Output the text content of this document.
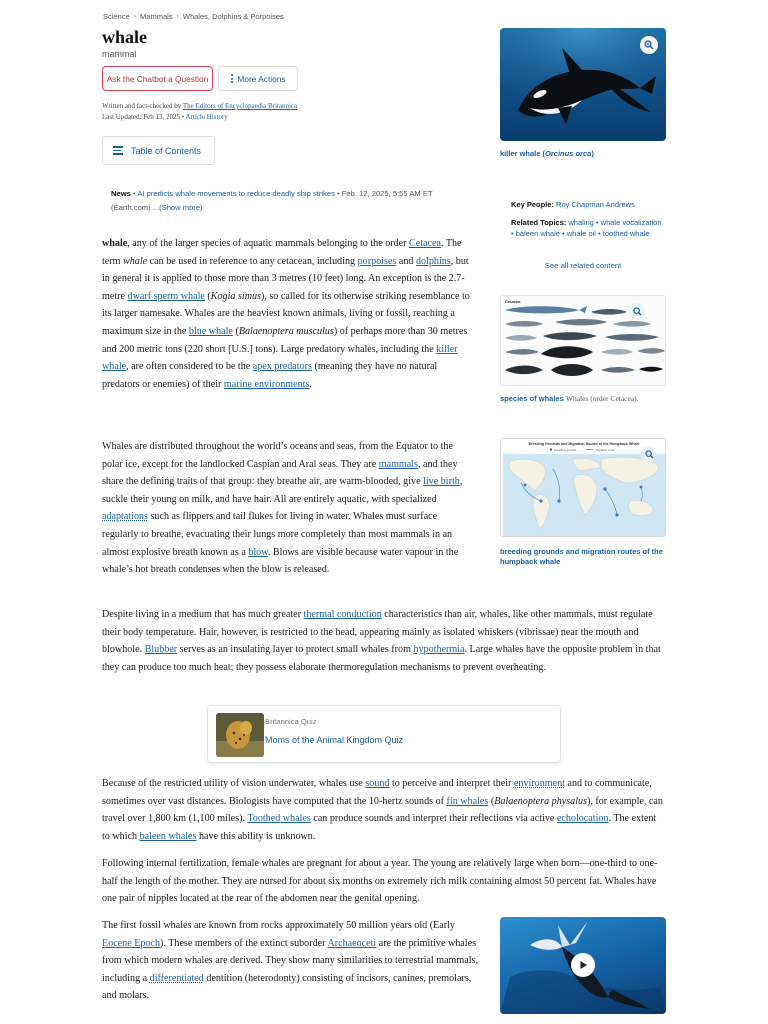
Science › Mammals › Whales, Dolphins & Porpoises
whale
mammal
Ask the Chatbot a Question	More Actions
Written and fact-checked by The Editors of Encyclopaedia Britannica
Last Updated: Feb 13, 2025 • Article History
Table of Contents
News • AI predicts whale movements to reduce deadly ship strikes • Feb. 12, 2025, 5:55 AM ET
(Earth.com) ...(Show more)

whale, any of the larger species of aquatic mammals belonging to the order Cetacea. The term whale can be used in reference to any cetacean, including porpoises and dolphins, but in general it is applied to those more than 3 metres (10 feet) long. An exception is the 2.7-metre dwarf sperm whale (Kogia simus), so called for its otherwise striking resemblance to its larger namesake. Whales are the heaviest known animals, living or fossil, reaching a maximum size in the blue whale (Balaenoptera musculus) of perhaps more than 30 metres and 200 metric tons (220 short [U.S.] tons). Large predatory whales, including the killer whale, are often considered to be the apex predators (meaning they have no natural predators or enemies) of their marine environments.

Whales are distributed throughout the world’s oceans and seas, from the Equator to the polar ice, except for the landlocked Caspian and Aral seas. They are mammals, and they share the defining traits of that group: they breathe air, are warm-blooded, give live birth, suckle their young on milk, and have hair. All are entirely aquatic, with specialized adaptations such as flippers and tail flukes for living in water. Whales must surface regularly to breathe, evacuating their lungs more completely than most mammals in an almost explosive breath known as a blow. Blows are visible because water vapour in the whale’s hot breath condenses when the blow is released.

Despite living in a medium that has much greater thermal conduction characteristics than air, whales, like other mammals, must regulate their body temperature. Hair, however, is restricted to the head, appearing mainly as isolated whiskers (vibrissae) near the mouth and blowhole. Blubber serves as an insulating layer to protect small whales from hypothermia. Large whales have the opposite problem in that they can produce too much heat; they possess elaborate thermoregulation mechanisms to prevent overheating.

Britannica Quiz
Moms of the Animal Kingdom Quiz

Because of the restricted utility of vision underwater, whales use sound to perceive and interpret their environment and to communicate, sometimes over vast distances. Biologists have computed that the 10-hertz sounds of fin whales (Balaenoptera physalus), for example, can travel over 1,800 km (1,100 miles). Toothed whales can produce sounds and interpret their reflections via active echolocation. The extent to which baleen whales have this ability is unknown.

Following internal fertilization, female whales are pregnant for about a year. The young are relatively large when born—one-third to one-half the length of the mother. They are nursed for about six months on extremely rich milk containing almost 50 percent fat. Whales have one pair of nipples located at the rear of the abdomen near the genital opening.

The first fossil whales are known from rocks approximately 50 million years old (Early Eocene Epoch). These members of the extinct suborder Archaeoceti are the primitive whales from which modern whales are derived. They show many similarities to terrestrial mammals, including a differentiated dentition (heterodonty) consisting of incisors, canines, premolars, and molars.

killer whale (Orcinus orca)
Key People: Roy Chapman Andrews
Related Topics: whaling • whale vocalization • baleen whale • whale oil • toothed whale
See all related content
Cetacea
species of whales Whales (order Cetacea).
Breeding Grounds and Migration Routes of the Humpback Whale
breeding ground	migration route
breeding grounds and migration routes of the humpback whale
